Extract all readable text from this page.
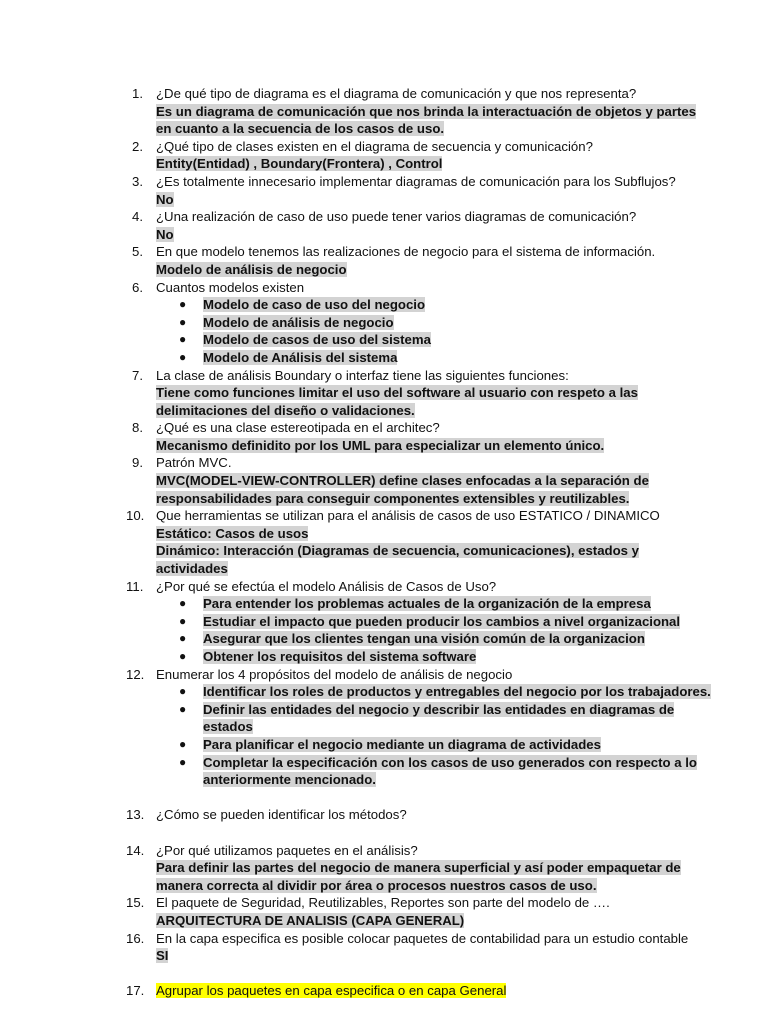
1. ¿De qué tipo de diagrama es el diagrama de comunicación y que nos representa?
Es un diagrama de comunicación que nos brinda la interactuación de objetos y partes en cuanto a la secuencia de los casos de uso.
2. ¿Qué tipo de clases existen en el diagrama de secuencia y comunicación?
Entity(Entidad) , Boundary(Frontera) , Control
3. ¿Es totalmente innecesario implementar diagramas de comunicación para los Subflujos?
No
4. ¿Una realización de caso de uso puede tener varios diagramas de comunicación?
No
5. En que modelo tenemos las realizaciones de negocio para el sistema de información.
Modelo de análisis de negocio
6. Cuantos modelos existen
● Modelo de caso de uso del negocio
● Modelo de análisis de negocio
● Modelo de casos de uso del sistema
● Modelo de Análisis del sistema
7. La clase de análisis Boundary o interfaz tiene las siguientes funciones:
Tiene como funciones limitar el uso del software al usuario con respeto a las delimitaciones del diseño o validaciones.
8. ¿Qué es una clase estereotipada en el architec?
Mecanismo definidito por los UML para especializar un elemento único.
9. Patrón MVC.
MVC(MODEL-VIEW-CONTROLLER) define clases enfocadas a la separación de responsabilidades para conseguir componentes extensibles y reutilizables.
10. Que herramientas se utilizan para el análisis de casos de uso ESTATICO / DINAMICO
Estático: Casos de usos
Dinámico: Interacción (Diagramas de secuencia, comunicaciones), estados y actividades
11. ¿Por qué se efectúa el modelo Análisis de Casos de Uso?
● Para entender los problemas actuales de la organización de la empresa
● Estudiar el impacto que pueden producir los cambios a nivel organizacional
● Asegurar que los clientes tengan una visión común de la organizacion
● Obtener los requisitos del sistema software
12. Enumerar los 4 propósitos del modelo de análisis de negocio
● Identificar los roles de productos y entregables del negocio por los trabajadores.
● Definir las entidades del negocio y describir las entidades en diagramas de estados
● Para planificar el negocio mediante un diagrama de actividades
● Completar la especificación con los casos de uso generados con respecto a lo anteriormente mencionado.
13. ¿Cómo se pueden identificar los métodos?
14. ¿Por qué utilizamos paquetes en el análisis?
Para definir las partes del negocio de manera superficial y así poder empaquetar de manera correcta al dividir por área o procesos nuestros casos de uso.
15. El paquete de Seguridad, Reutilizables, Reportes son parte del modelo de ….
ARQUITECTURA DE ANALISIS (CAPA GENERAL)
16. En la capa especifica es posible colocar paquetes de contabilidad para un estudio contable
SI
17. Agrupar los paquetes en capa especifica o en capa General
